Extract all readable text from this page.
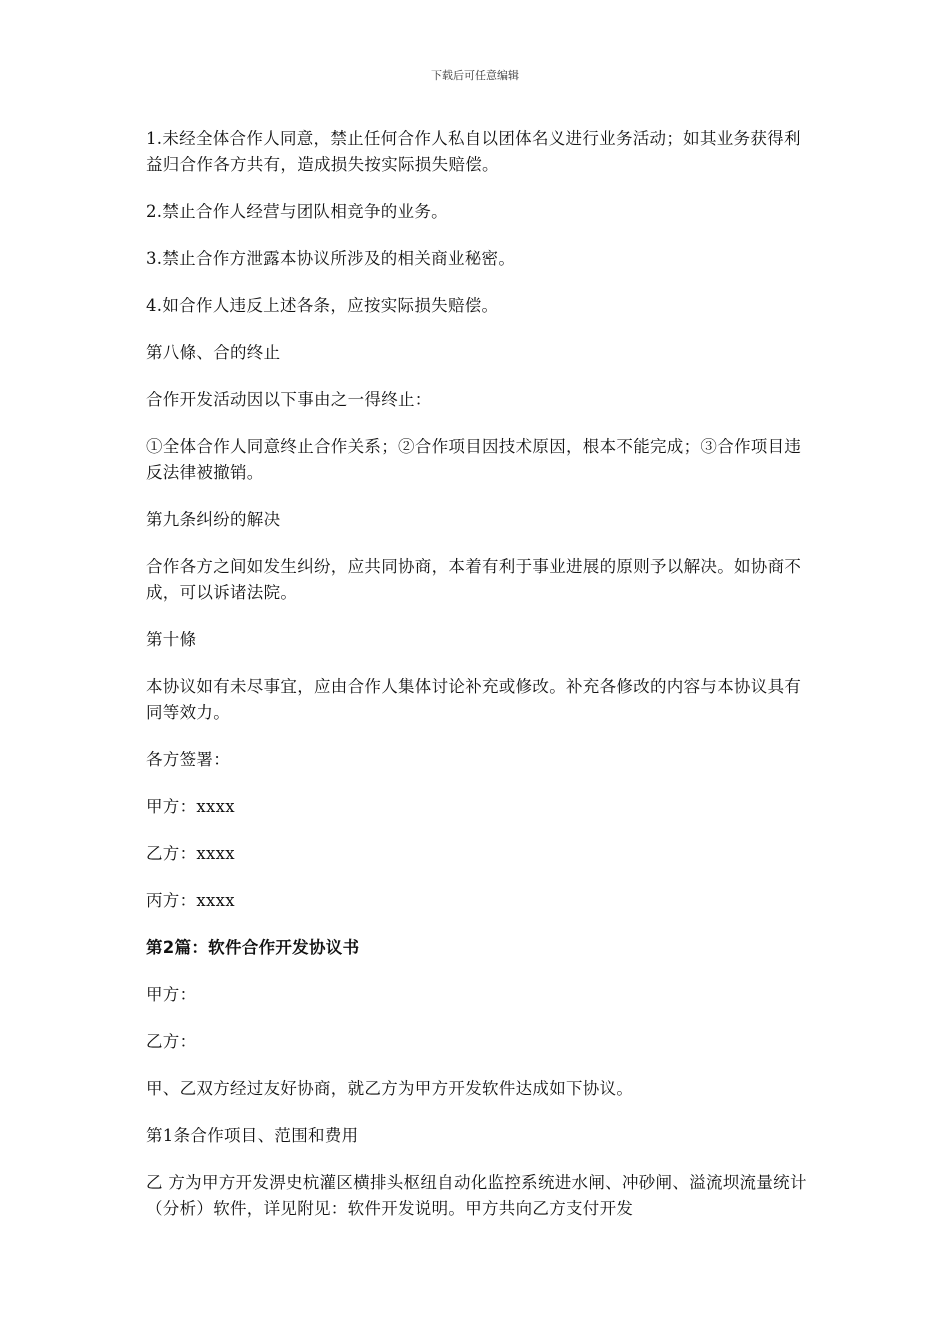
下载后可任意编辑

1.未经全体合作人同意，禁止任何合作人私自以团体名义进行业务活动；如其业务获得利益归合作各方共有，造成损失按实际损失赔偿。

2.禁止合作人经营与团队相竞争的业务。

3.禁止合作方泄露本协议所涉及的相关商业秘密。

4.如合作人违反上述各条，应按实际损失赔偿。

第八條、合的终止

合作开发活动因以下事由之一得终止：

①全体合作人同意终止合作关系；②合作项目因技术原因，根本不能完成；③合作项目违反法律被撤销。

第九条纠纷的解决

合作各方之间如发生纠纷，应共同协商，本着有利于事业进展的原则予以解决。如协商不成，可以诉诸法院。

第十條

本协议如有未尽事宜，应由合作人集体讨论补充或修改。补充各修改的内容与本协议具有同等效力。

各方签署：

甲方：xxxx

乙方：xxxx

丙方：xxxx

第2篇：软件合作开发协议书

甲方：

乙方：

甲、乙双方经过友好协商，就乙方为甲方开发软件达成如下协议。

第1条合作项目、范围和费用

乙 方为甲方开发淠史杭灌区横排头枢纽自动化监控系统进水闸、冲砂闸、溢流坝流量统计（分析）软件，详见附见：软件开发说明。甲方共向乙方支付开发
